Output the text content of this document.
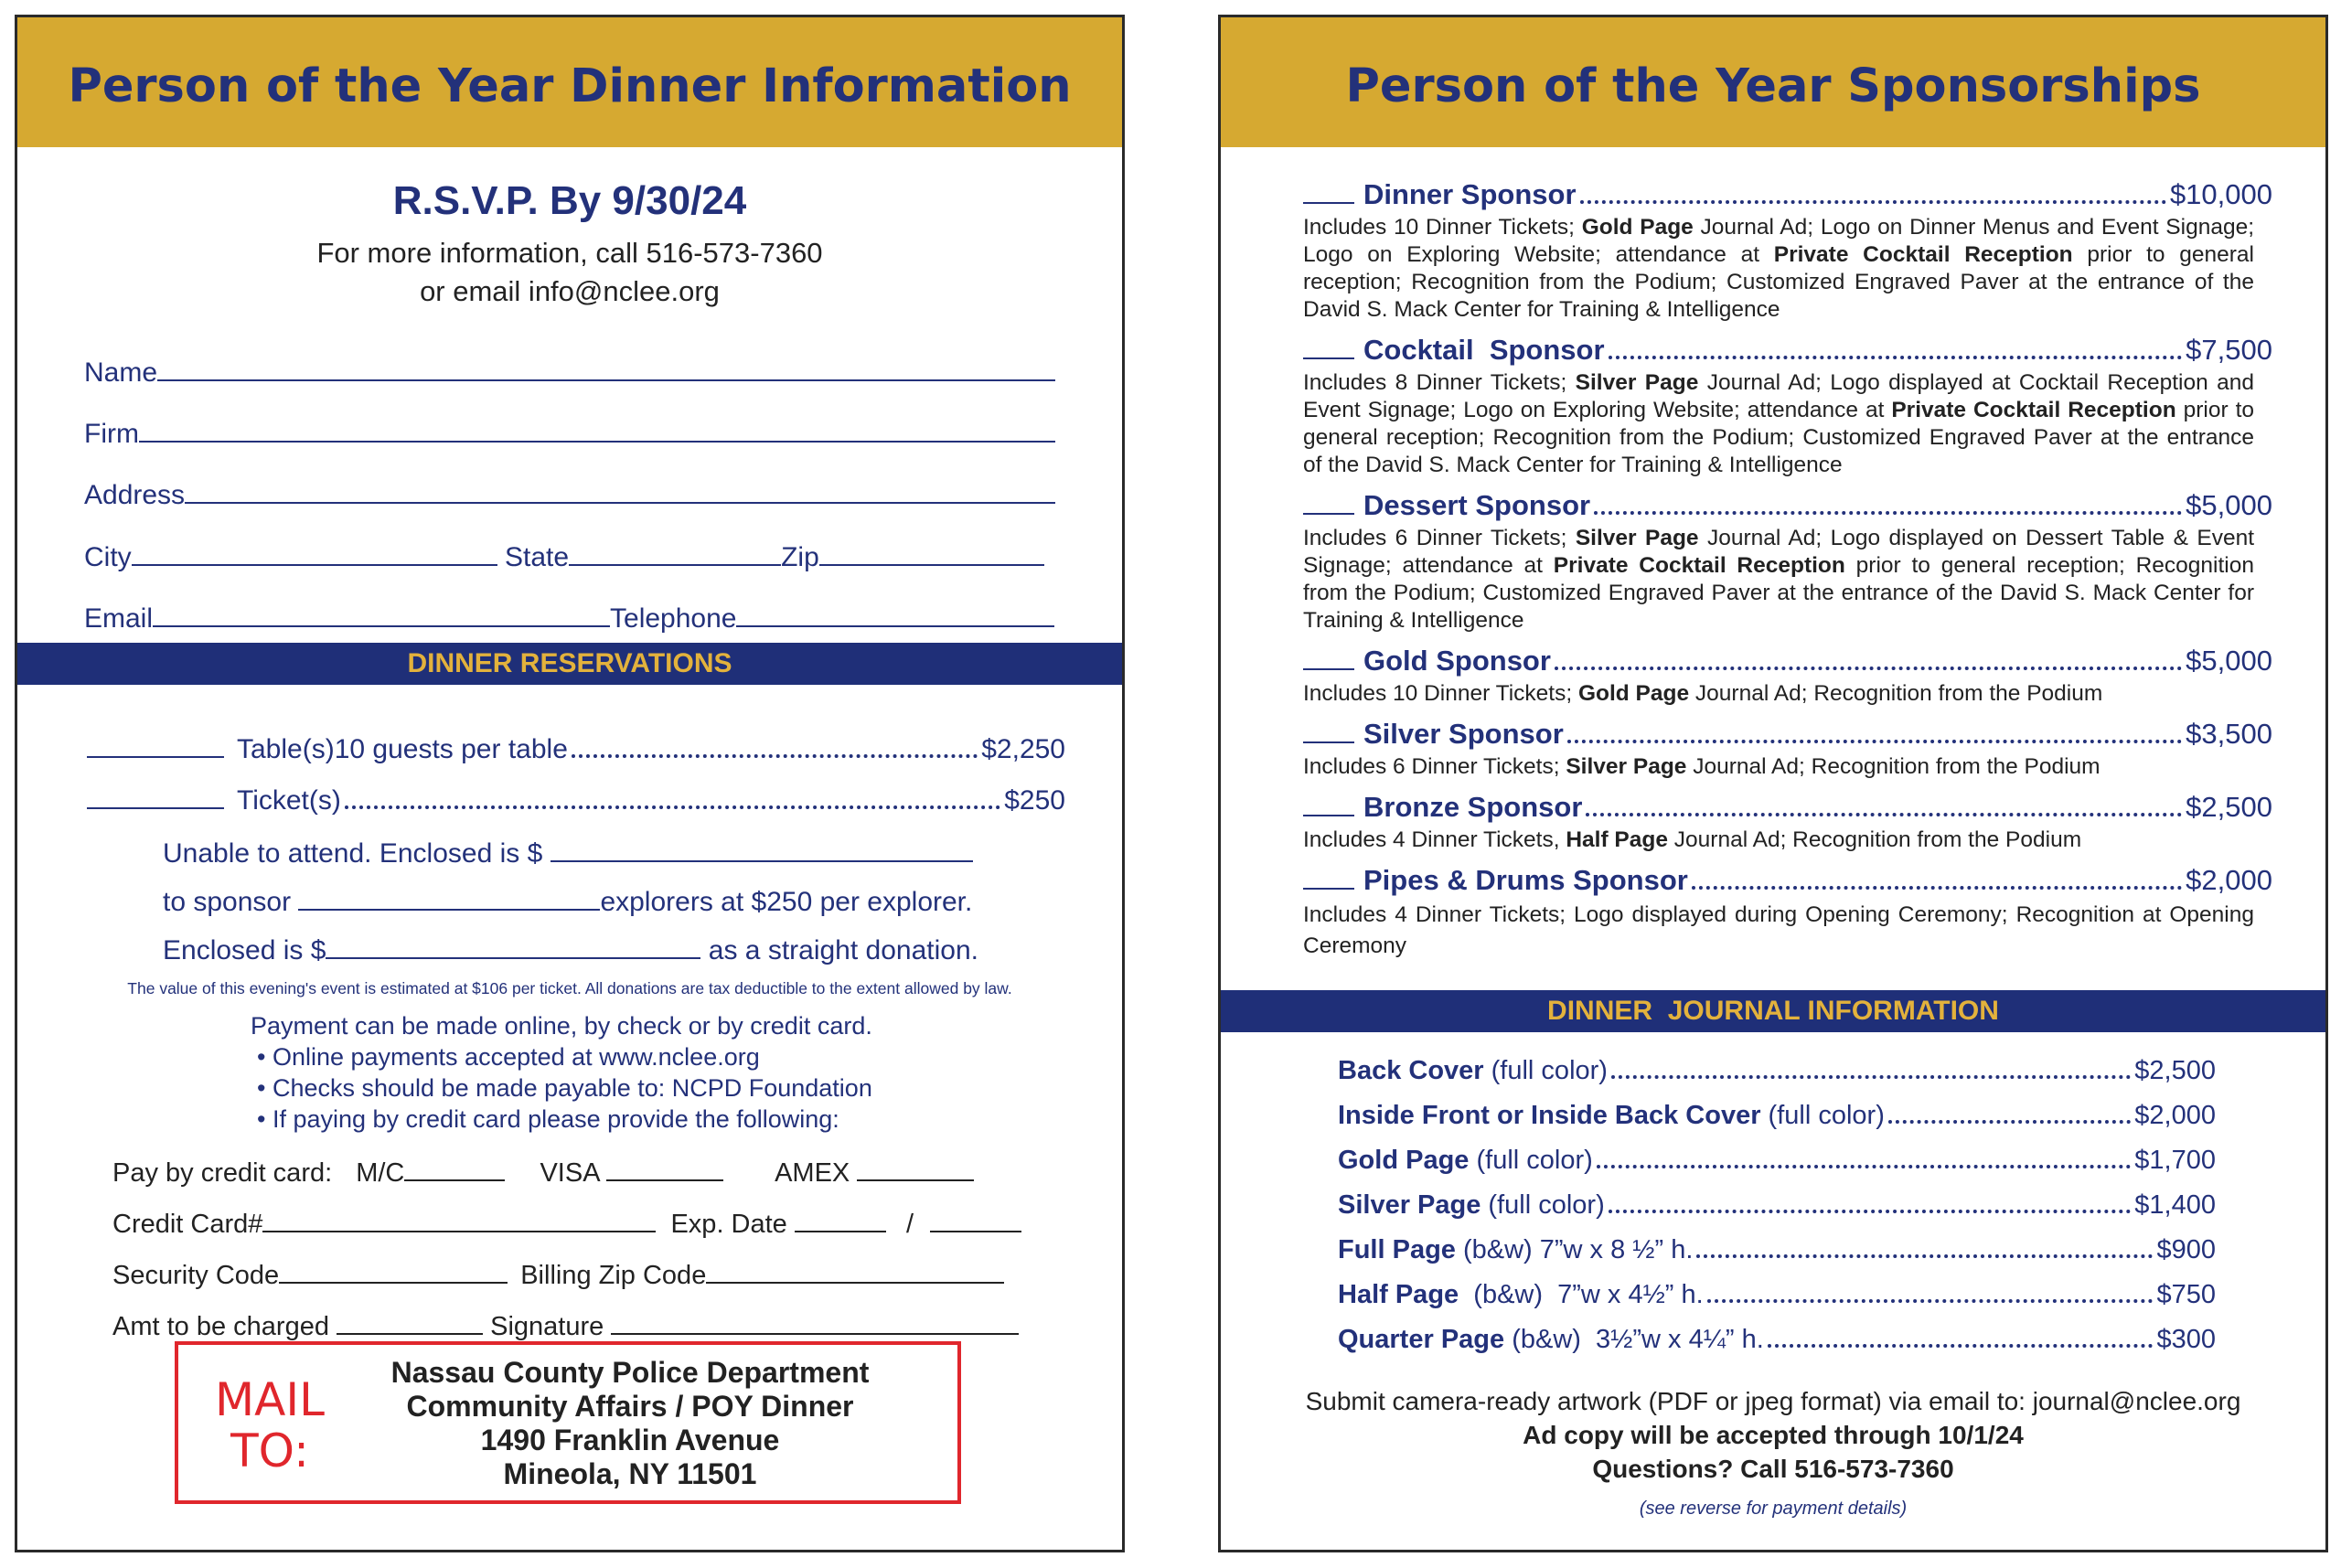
Person of the Year Dinner Information
R.S.V.P. By 9/30/24
For more information, call 516-573-7360
or email info@nclee.org
Name
Firm
Address
City	State	Zip
Email	Telephone
DINNER RESERVATIONS
Table(s)10 guests per table	$2,250
Ticket(s)	$250
Unable to attend. Enclosed is $
to sponsor	explorers at $250 per explorer.
Enclosed is $	as a straight donation.
The value of this evening's event is estimated at $106 per ticket. All donations are tax deductible to the extent allowed by law.
Payment can be made online, by check or by credit card.
• Online payments accepted at www.nclee.org
• Checks should be made payable to: NCPD Foundation
• If paying by credit card please provide the following:
Pay by credit card: M/C	VISA	AMEX
Credit Card#	Exp. Date	/
Security Code	Billing Zip Code
Amt to be charged	Signature
MAIL
TO:
Nassau County Police Department
Community Affairs / POY Dinner
1490 Franklin Avenue
Mineola, NY 11501
Person of the Year Sponsorships
Dinner Sponsor	$10,000
Includes 10 Dinner Tickets; Gold Page Journal Ad; Logo on Dinner Menus and Event Signage; Logo on Exploring Website; attendance at Private Cocktail Reception prior to general reception; Recognition from the Podium; Customized Engraved Paver at the entrance of the David S. Mack Center for Training & Intelligence
Cocktail  Sponsor	$7,500
Includes 8 Dinner Tickets; Silver Page Journal Ad; Logo displayed at Cocktail Reception and Event Signage; Logo on Exploring Website; attendance at Private Cocktail Reception prior to general reception; Recognition from the Podium; Customized Engraved Paver at the entrance of the David S. Mack Center for Training & Intelligence
Dessert Sponsor	$5,000
Includes 6 Dinner Tickets; Silver Page Journal Ad; Logo displayed on Dessert Table & Event Signage; attendance at Private Cocktail Reception prior to general reception; Recognition from the Podium; Customized Engraved Paver at the entrance of the David S. Mack Center for Training & Intelligence
Gold Sponsor	$5,000
Includes 10 Dinner Tickets; Gold Page Journal Ad; Recognition from the Podium
Silver Sponsor	$3,500
Includes 6 Dinner Tickets; Silver Page Journal Ad; Recognition from the Podium
Bronze Sponsor	$2,500
Includes 4 Dinner Tickets, Half Page Journal Ad; Recognition from the Podium
Pipes & Drums Sponsor	$2,000
Includes 4 Dinner Tickets; Logo displayed during Opening Ceremony; Recognition at Opening Ceremony
DINNER  JOURNAL INFORMATION
Back Cover (full color)	$2,500
Inside Front or Inside Back Cover (full color)	$2,000
Gold Page (full color)	$1,700
Silver Page (full color)	$1,400
Full Page (b&w) 7”w x 8 ½” h.	$900
Half Page (b&w)  7”w x 4½” h.	$750
Quarter Page (b&w)  3½”w x 4¼” h.	$300
Submit camera-ready artwork (PDF or jpeg format) via email to: journal@nclee.org
Ad copy will be accepted through 10/1/24
Questions? Call 516-573-7360
(see reverse for payment details)
